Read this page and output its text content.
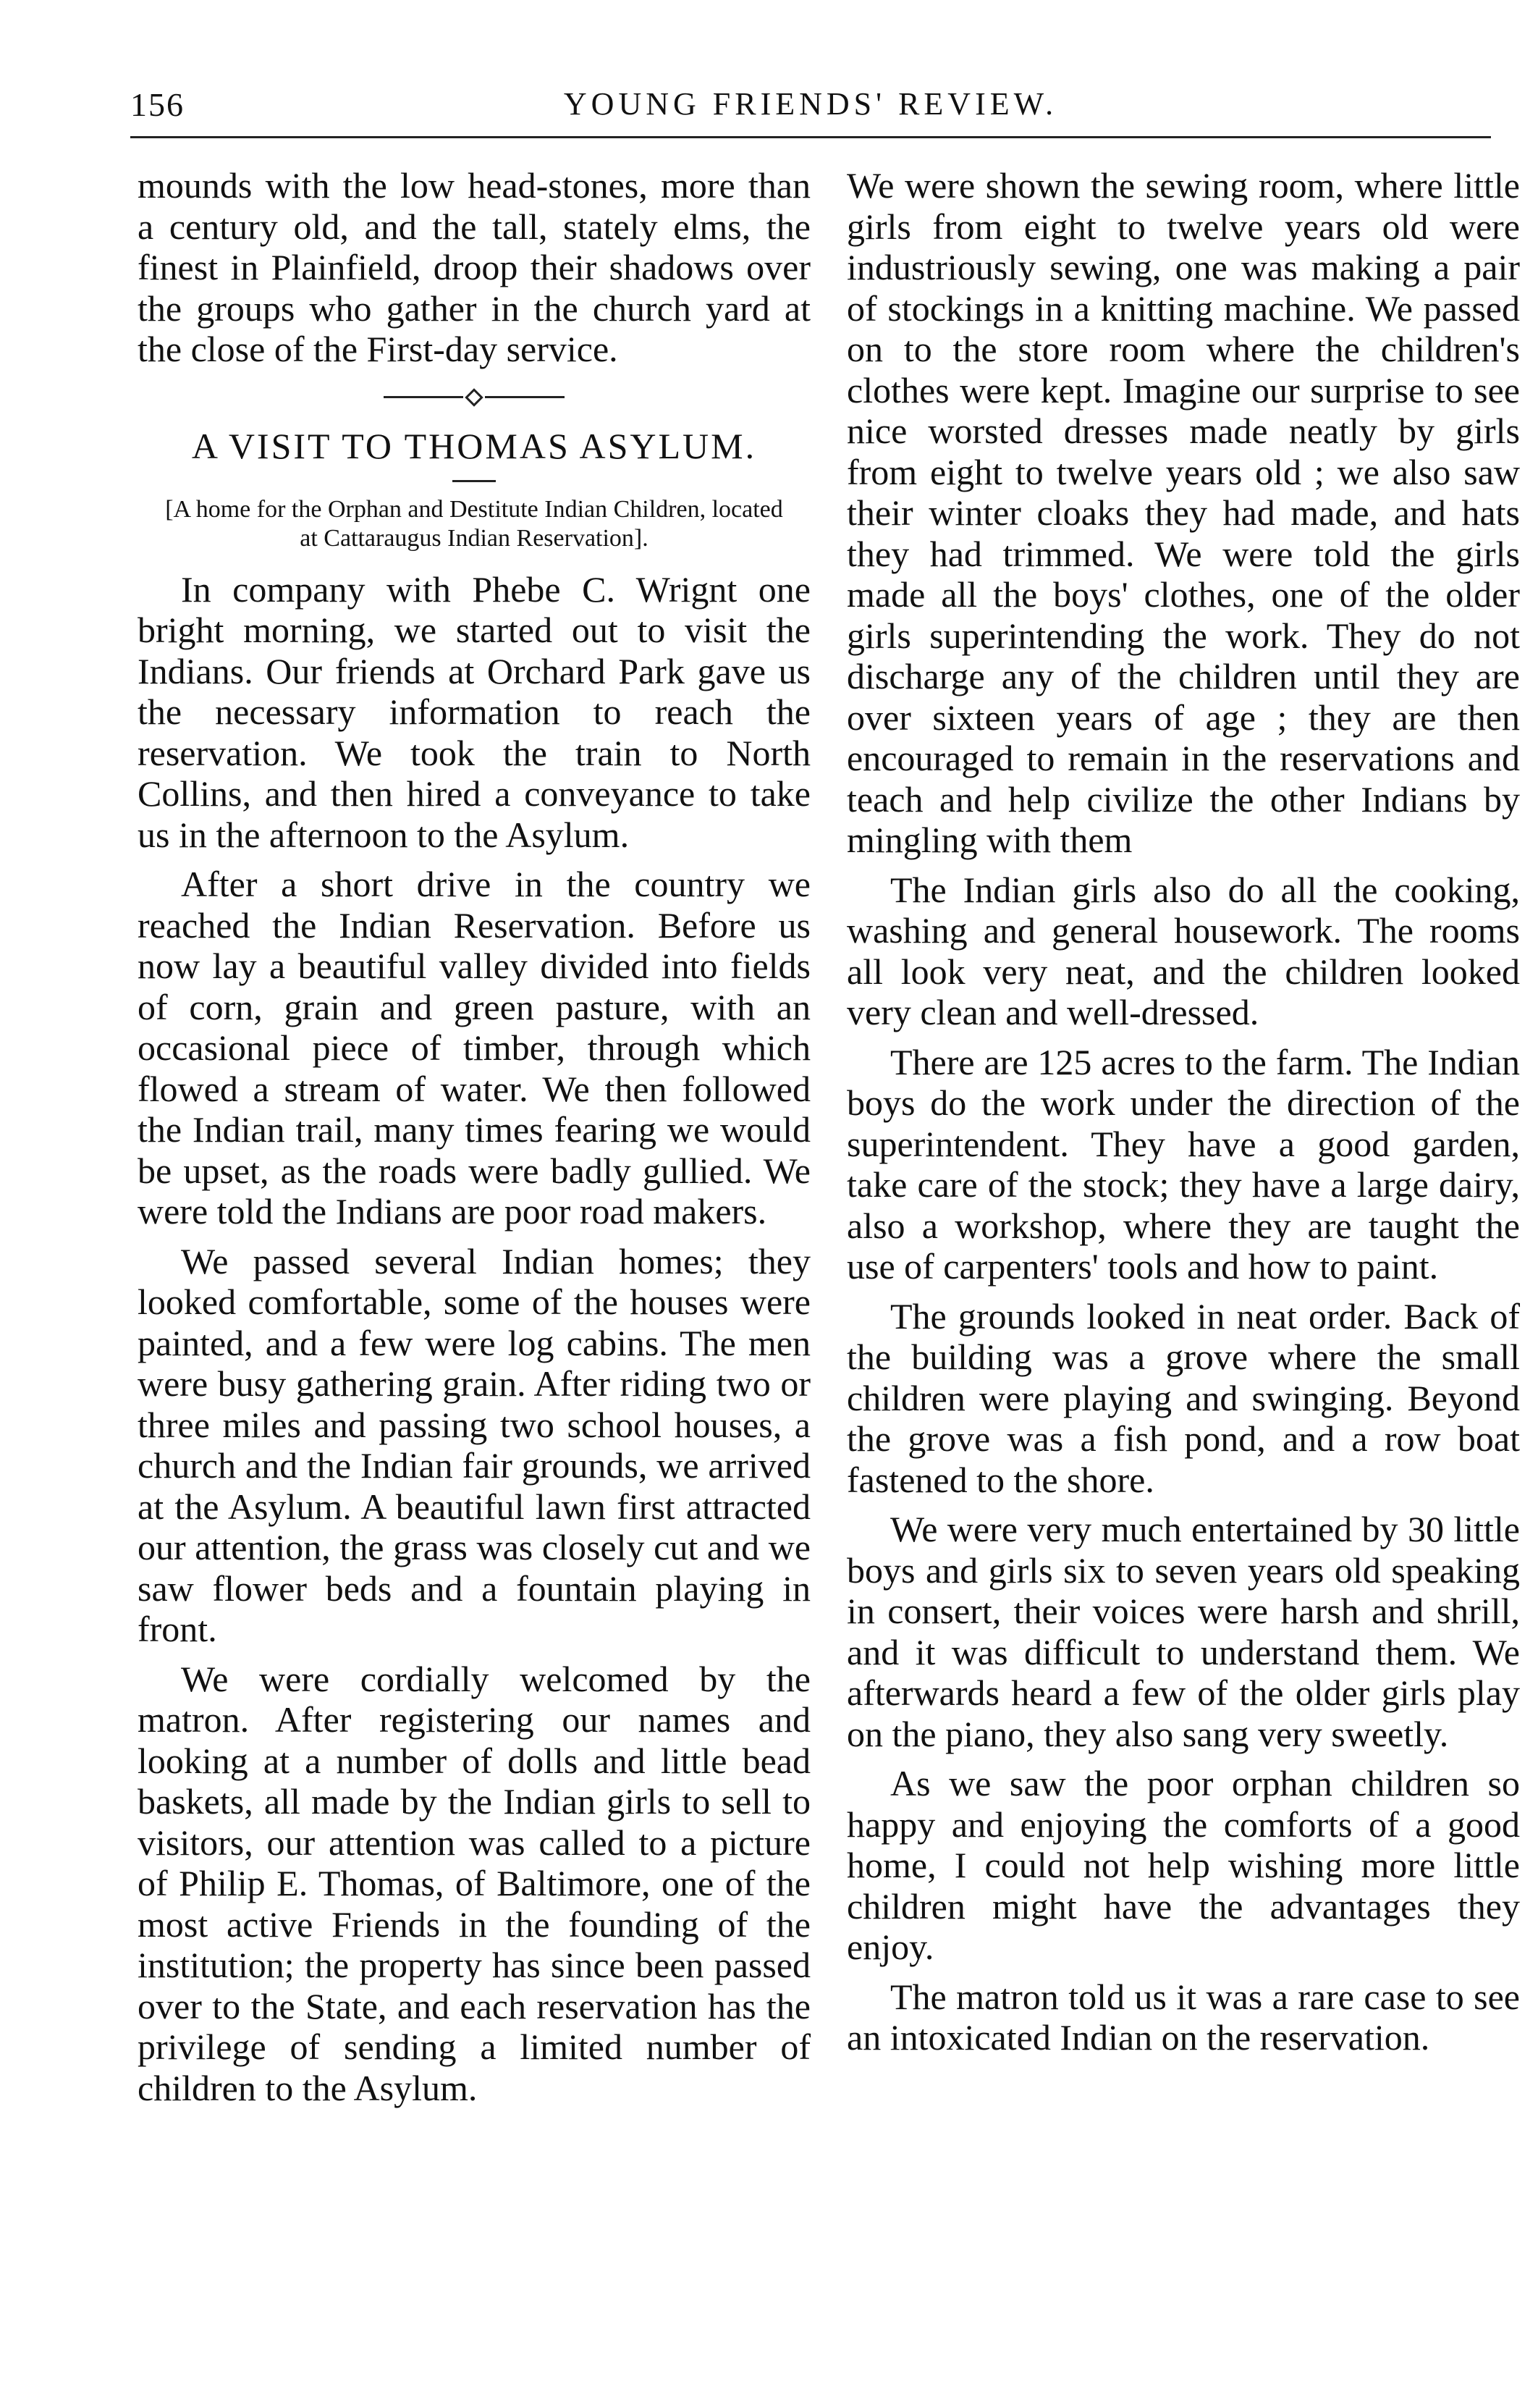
156	YOUNG FRIENDS' REVIEW.

mounds with the low head-stones, more than a century old, and the tall, stately elms, the finest in Plainfield, droop their shadows over the groups who gather in the church yard at the close of the First-day service.

A VISIT TO THOMAS ASYLUM.
[A home for the Orphan and Destitute Indian Children, located at Cattaraugus Indian Reservation].

In company with Phebe C. Wrignt one bright morning, we started out to visit the Indians. Our friends at Orchard Park gave us the necessary information to reach the reservation. We took the train to North Collins, and then hired a conveyance to take us in the afternoon to the Asylum.

After a short drive in the country we reached the Indian Reservation. Before us now lay a beautiful valley divided into fields of corn, grain and green pasture, with an occasional piece of timber, through which flowed a stream of water. We then followed the Indian trail, many times fearing we would be upset, as the roads were badly gullied. We were told the Indians are poor road makers.

We passed several Indian homes; they looked comfortable, some of the houses were painted, and a few were log cabins. The men were busy gathering grain. After riding two or three miles and passing two school houses, a church and the Indian fair grounds, we arrived at the Asylum. A beautiful lawn first attracted our attention, the grass was closely cut and we saw flower beds and a fountain playing in front.

We were cordially welcomed by the matron. After registering our names and looking at a number of dolls and little bead baskets, all made by the Indian girls to sell to visitors, our attention was called to a picture of Philip E. Thomas, of Baltimore, one of the most active Friends in the founding of the institution; the property has since been passed over to the State, and each reservation has the privilege of sending a limited number of children to the Asylum.

We were shown the sewing room, where little girls from eight to twelve years old were industriously sewing, one was making a pair of stockings in a knitting machine. We passed on to the store room where the children's clothes were kept. Imagine our surprise to see nice worsted dresses made neatly by girls from eight to twelve years old ; we also saw their winter cloaks they had made, and hats they had trimmed. We were told the girls made all the boys' clothes, one of the older girls superintending the work. They do not discharge any of the children until they are over sixteen years of age ; they are then encouraged to remain in the reservations and teach and help civilize the other Indians by mingling with them

The Indian girls also do all the cooking, washing and general housework. The rooms all look very neat, and the children looked very clean and well-dressed.

There are 125 acres to the farm. The Indian boys do the work under the direction of the superintendent. They have a good garden, take care of the stock; they have a large dairy, also a workshop, where they are taught the use of carpenters' tools and how to paint.

The grounds looked in neat order. Back of the building was a grove where the small children were playing and swinging. Beyond the grove was a fish pond, and a row boat fastened to the shore.

We were very much entertained by 30 little boys and girls six to seven years old speaking in consert, their voices were harsh and shrill, and it was difficult to understand them. We afterwards heard a few of the older girls play on the piano, they also sang very sweetly.

As we saw the poor orphan children so happy and enjoying the comforts of a good home, I could not help wishing more little children might have the advantages they enjoy.

The matron told us it was a rare case to see an intoxicated Indian on the reservation.
